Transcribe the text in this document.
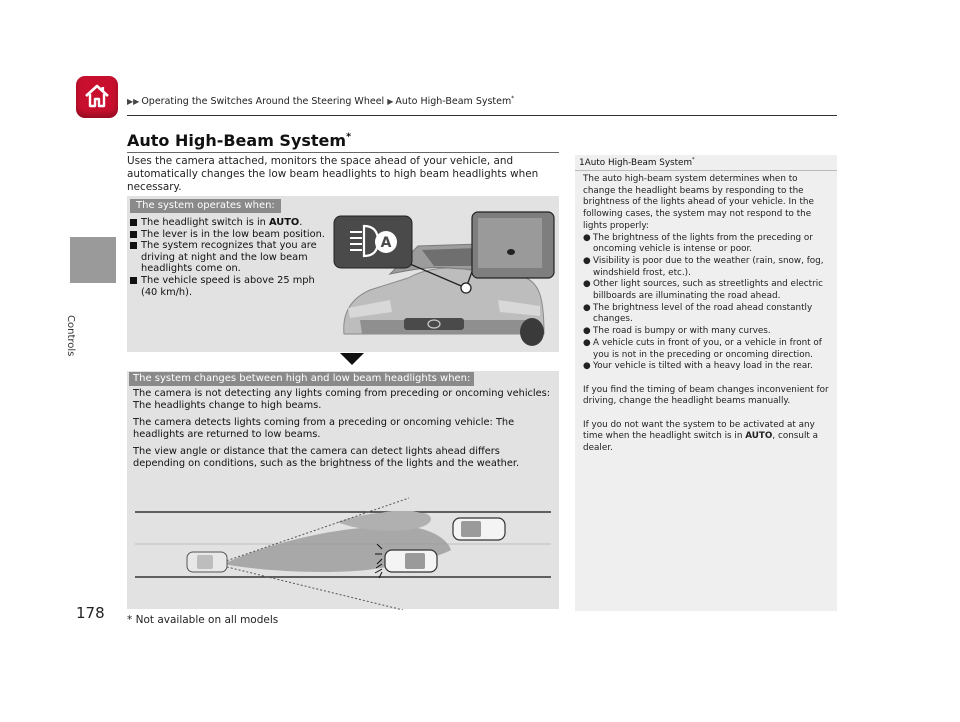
▶▶ Operating the Switches Around the Steering Wheel ▶ Auto High-Beam System*
Controls
178
Auto High-Beam System*
Uses the camera attached, monitors the space ahead of your vehicle, and automatically changes the low beam headlights to high beam headlights when necessary.
The system operates when:
The headlight switch is in AUTO.
The lever is in the low beam position.
The system recognizes that you are driving at night and the low beam headlights come on.
The vehicle speed is above 25 mph (40 km/h).
A
The system changes between high and low beam headlights when:

The camera is not detecting any lights coming from preceding or oncoming vehicles: The headlights change to high beams.

The camera detects lights coming from a preceding or oncoming vehicle: The headlights are returned to low beams.

The view angle or distance that the camera can detect lights ahead differs depending on conditions, such as the brightness of the lights and the weather.

* Not available on all models
1Auto High-Beam System*

The auto high-beam system determines when to change the headlight beams by responding to the brightness of the lights ahead of your vehicle. In the following cases, the system may not respond to the lights properly:

● The brightness of the lights from the preceding or oncoming vehicle is intense or poor.
● Visibility is poor due to the weather (rain, snow, fog, windshield frost, etc.).
● Other light sources, such as streetlights and electric billboards are illuminating the road ahead.
● The brightness level of the road ahead constantly changes.
● The road is bumpy or with many curves.
● A vehicle cuts in front of you, or a vehicle in front of you is not in the preceding or oncoming direction.
● Your vehicle is tilted with a heavy load in the rear.

If you find the timing of beam changes inconvenient for driving, change the headlight beams manually.

If you do not want the system to be activated at any time when the headlight switch is in AUTO, consult a dealer.
